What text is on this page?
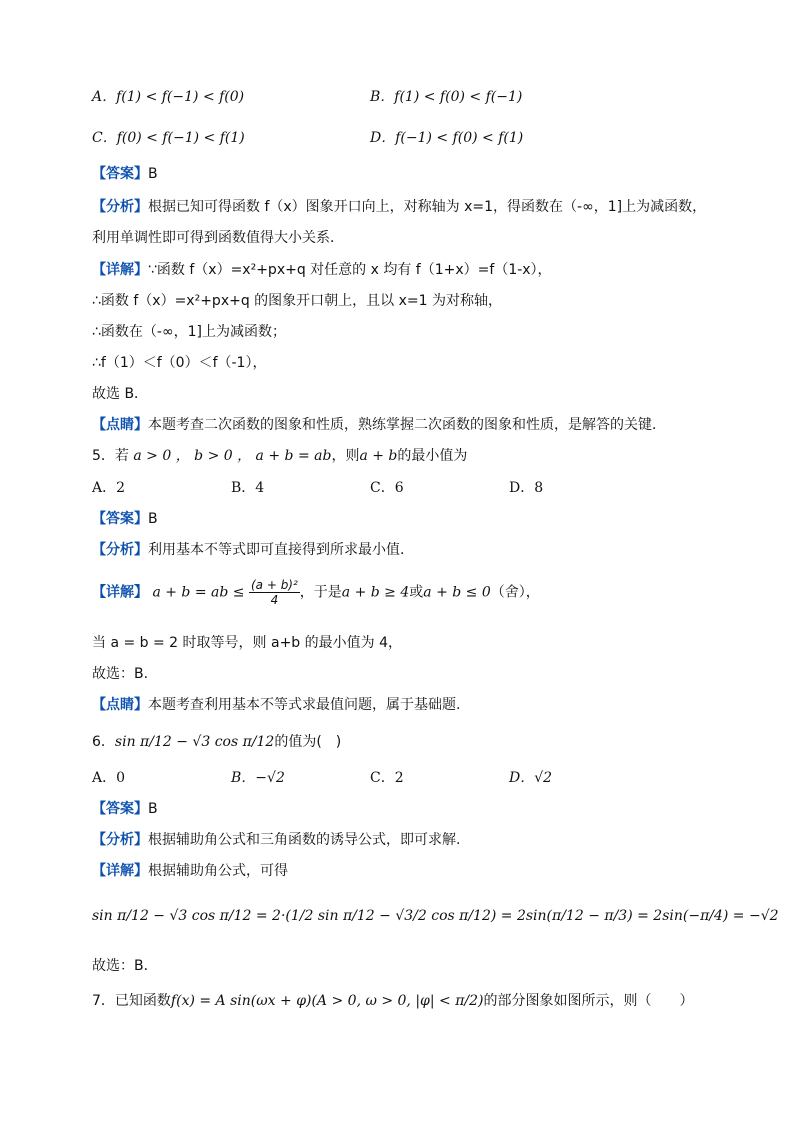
A．f(1) < f(−1) < f(0)	B．f(1) < f(0) < f(−1)
C．f(0) < f(−1) < f(1)	D．f(−1) < f(0) < f(1)
【答案】B
【分析】根据已知可得函数 f（x）图象开口向上，对称轴为 x=1，得函数在（-∞，1]上为减函数，
利用单调性即可得到函数值得大小关系．
【详解】∵函数 f（x）=x²+px+q 对任意的 x 均有 f（1+x）=f（1-x），
∴函数 f（x）=x²+px+q 的图象开口朝上，且以 x=1 为对称轴，
∴函数在（-∞，1]上为减函数；
∴f（1）＜f（0）＜f（-1），
故选 B．
【点睛】本题考查二次函数的图象和性质，熟练掌握二次函数的图象和性质，是解答的关键．
5．若 a > 0 ， b > 0 ， a + b = ab，则a + b的最小值为
A．2	B．4	C．6	D．8
【答案】B
【分析】利用基本不等式即可直接得到所求最小值.
【详解】 a + b = ab ≤ $\frac{\text{(a + b)²}}{4}$ ，于是a + b ≥ 4或a + b ≤ 0（舍），
当 a = b = 2 时取等号，则 a+b 的最小值为 4，
故选：B.
【点睛】本题考查利用基本不等式求最值问题，属于基础题.
6．sin π/12 − √3 cos π/12的值为(　)
A．0	B．−√2	C．2	D．√2
【答案】B
【分析】根据辅助角公式和三角函数的诱导公式，即可求解.
【详解】根据辅助角公式，可得
sin π/12 − √3 cos π/12 = 2·(1/2 sin π/12 − √3/2 cos π/12) = 2sin(π/12 − π/3) = 2sin(−π/4) = −√2
故选：B．
7．已知函数f(x) = A sin(ωx + φ)(A > 0, ω > 0, |φ| < π/2)的部分图象如图所示，则（　　）
